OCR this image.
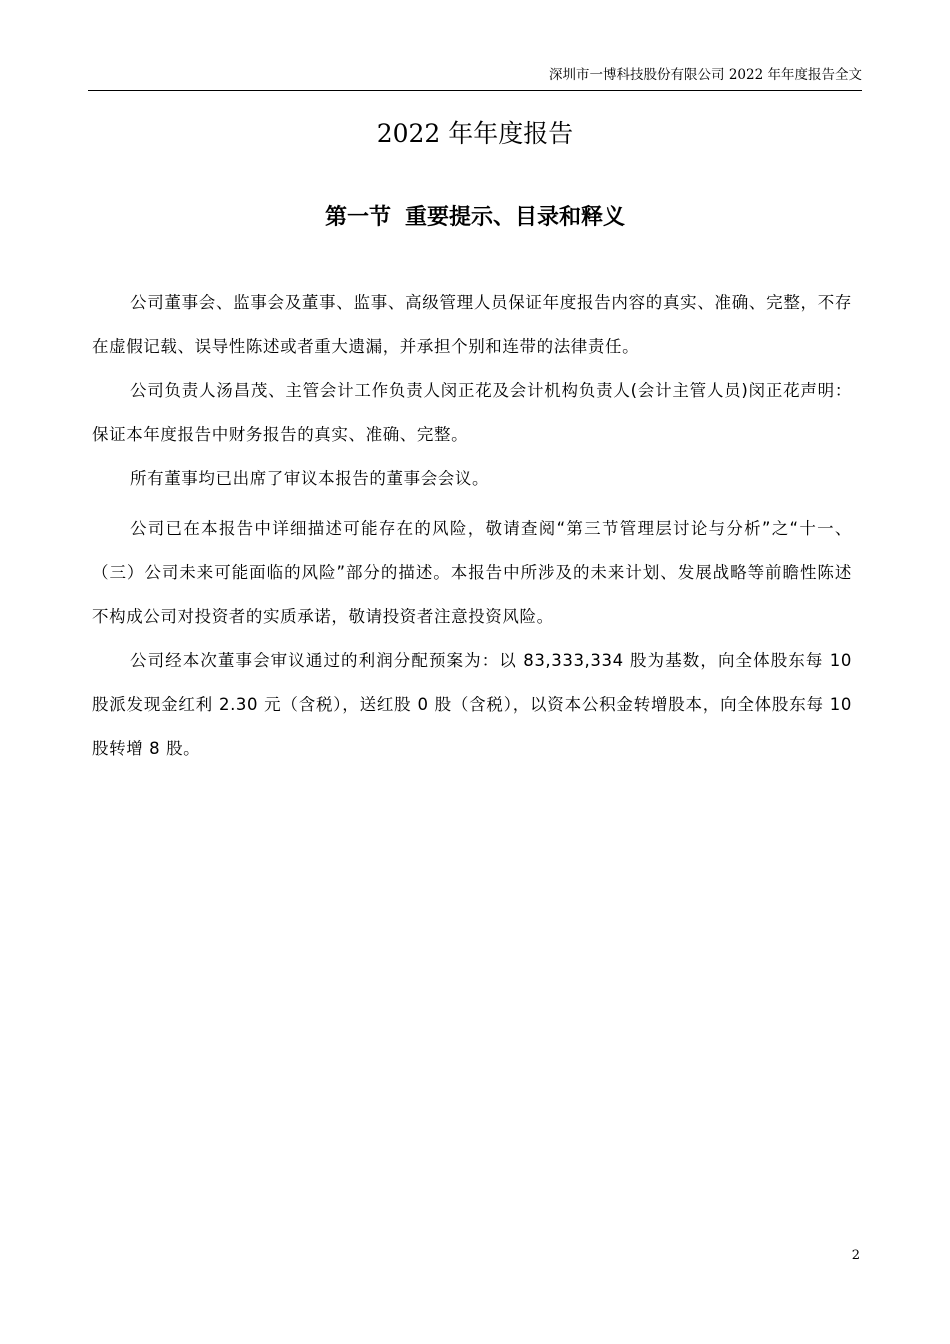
深圳市一博科技股份有限公司 2022 年年度报告全文
2022 年年度报告
第一节 重要提示、目录和释义

公司董事会、监事会及董事、监事、高级管理人员保证年度报告内容的真实、准确、完整，不存在虚假记载、误导性陈述或者重大遗漏，并承担个别和连带的法律责任。

公司负责人汤昌茂、主管会计工作负责人闵正花及会计机构负责人(会计主管人员)闵正花声明：保证本年度报告中财务报告的真实、准确、完整。

所有董事均已出席了审议本报告的董事会会议。

公司已在本报告中详细描述可能存在的风险，敬请查阅“第三节管理层讨论与分析”之“十一、（三）公司未来可能面临的风险”部分的描述。本报告中所涉及的未来计划、发展战略等前瞻性陈述不构成公司对投资者的实质承诺，敬请投资者注意投资风险。

公司经本次董事会审议通过的利润分配预案为：以 83,333,334 股为基数，向全体股东每 10 股派发现金红利 2.30 元（含税），送红股 0 股（含税），以资本公积金转增股本，向全体股东每 10 股转增 8 股。

2
